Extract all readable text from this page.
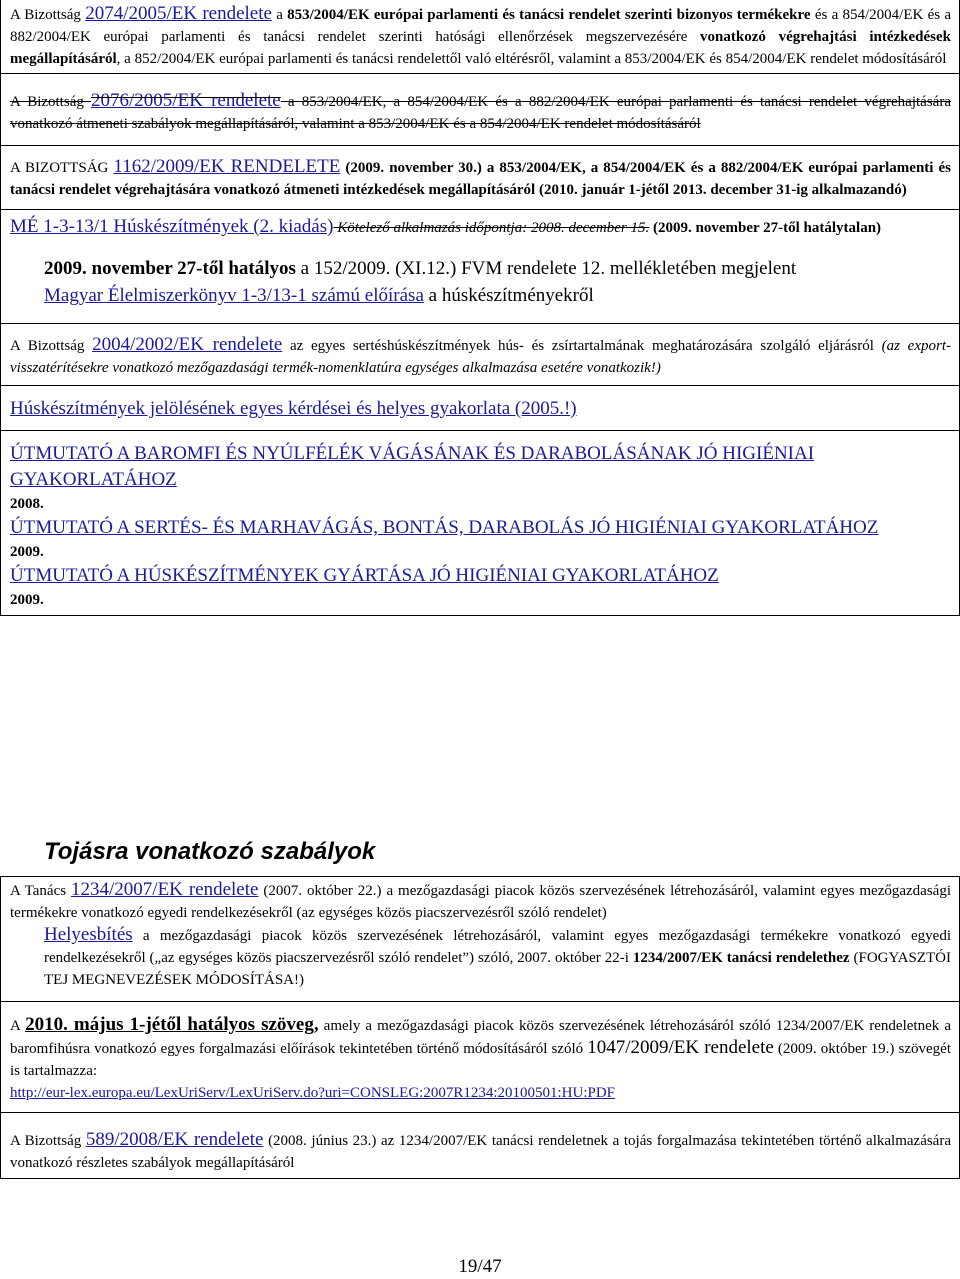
A Bizottság 2074/2005/EK rendelete a 853/2004/EK európai parlamenti és tanácsi rendelet szerinti bizonyos termékekre és a 854/2004/EK és a 882/2004/EK európai parlamenti és tanácsi rendelet szerinti hatósági ellenőrzések megszervezésére vonatkozó végrehajtási intézkedések megállapításáról, a 852/2004/EK európai parlamenti és tanácsi rendelettől való eltérésről, valamint a 853/2004/EK és 854/2004/EK rendelet módosításáról
A Bizottság 2076/2005/EK rendelete a 853/2004/EK, a 854/2004/EK és a 882/2004/EK európai parlamenti és tanácsi rendelet végrehajtására vonatkozó átmeneti szabályok megállapításáról, valamint a 853/2004/EK és a 854/2004/EK rendelet módosításáról
A BIZOTTSÁG 1162/2009/EK RENDELETE (2009. november 30.) a 853/2004/EK, a 854/2004/EK és a 882/2004/EK európai parlamenti és tanácsi rendelet végrehajtására vonatkozó átmeneti intézkedések megállapításáról (2010. január 1-jétől 2013. december 31-ig alkalmazandó)

MÉ 1-3-13/1 Húskészítmények (2. kiadás) Kötelező alkalmazás időpontja: 2008. december 15. (2009. november 27-től hatálytalan)

2009. november 27-től hatályos a 152/2009. (XI.12.) FVM rendelete 12. mellékletében megjelent
Magyar Élelmiszerkönyv 1-3/13-1 számú előírása a húskészítményekről

A Bizottság 2004/2002/EK rendelete az egyes sertéshúskészítmények hús- és zsírtartalmának meghatározására szolgáló eljárásról (az export-visszatérítésekre vonatkozó mezőgazdasági termék-nomenklatúra egységes alkalmazása esetére vonatkozik!)
Húskészítmények jelölésének egyes kérdései és helyes gyakorlata (2005.!)

ÚTMUTATÓ A BAROMFI ÉS NYÚLFÉLÉK VÁGÁSÁNAK ÉS DARABOLÁSÁNAK JÓ HIGIÉNIAI GYAKORLATÁHOZ

2008.

ÚTMUTATÓ A SERTÉS- ÉS MARHAVÁGÁS, BONTÁS, DARABOLÁS JÓ HIGIÉNIAI GYAKORLATÁHOZ

2009.

ÚTMUTATÓ A HÚSKÉSZÍTMÉNYEK GYÁRTÁSA JÓ HIGIÉNIAI GYAKORLATÁHOZ

2009.

Tojásra vonatkozó szabályok

A Tanács 1234/2007/EK rendelete (2007. október 22.) a mezőgazdasági piacok közös szervezésének létrehozásáról, valamint egyes mezőgazdasági termékekre vonatkozó egyedi rendelkezésekről (az egységes közös piacszervezésről szóló rendelet)

Helyesbítés a mezőgazdasági piacok közös szervezésének létrehozásáról, valamint egyes mezőgazdasági termékekre vonatkozó egyedi rendelkezésekről („az egységes közös piacszervezésről szóló rendelet”) szóló, 2007. október 22-i 1234/2007/EK tanácsi rendelethez (FOGYASZTÓI TEJ MEGNEVEZÉSEK MÓDOSÍTÁSA!)

A 2010. május 1-jétől hatályos szöveg, amely a mezőgazdasági piacok közös szervezésének létrehozásáról szóló 1234/2007/EK rendeletnek a baromfihúsra vonatkozó egyes forgalmazási előírások tekintetében történő módosításáról szóló 1047/2009/EK rendelete (2009. október 19.) szövegét is tartalmazza:

http://eur-lex.europa.eu/LexUriServ/LexUriServ.do?uri=CONSLEG:2007R1234:20100501:HU:PDF

A Bizottság 589/2008/EK rendelete (2008. június 23.) az 1234/2007/EK tanácsi rendeletnek a tojás forgalmazása tekintetében történő alkalmazására vonatkozó részletes szabályok megállapításáról
19/47
